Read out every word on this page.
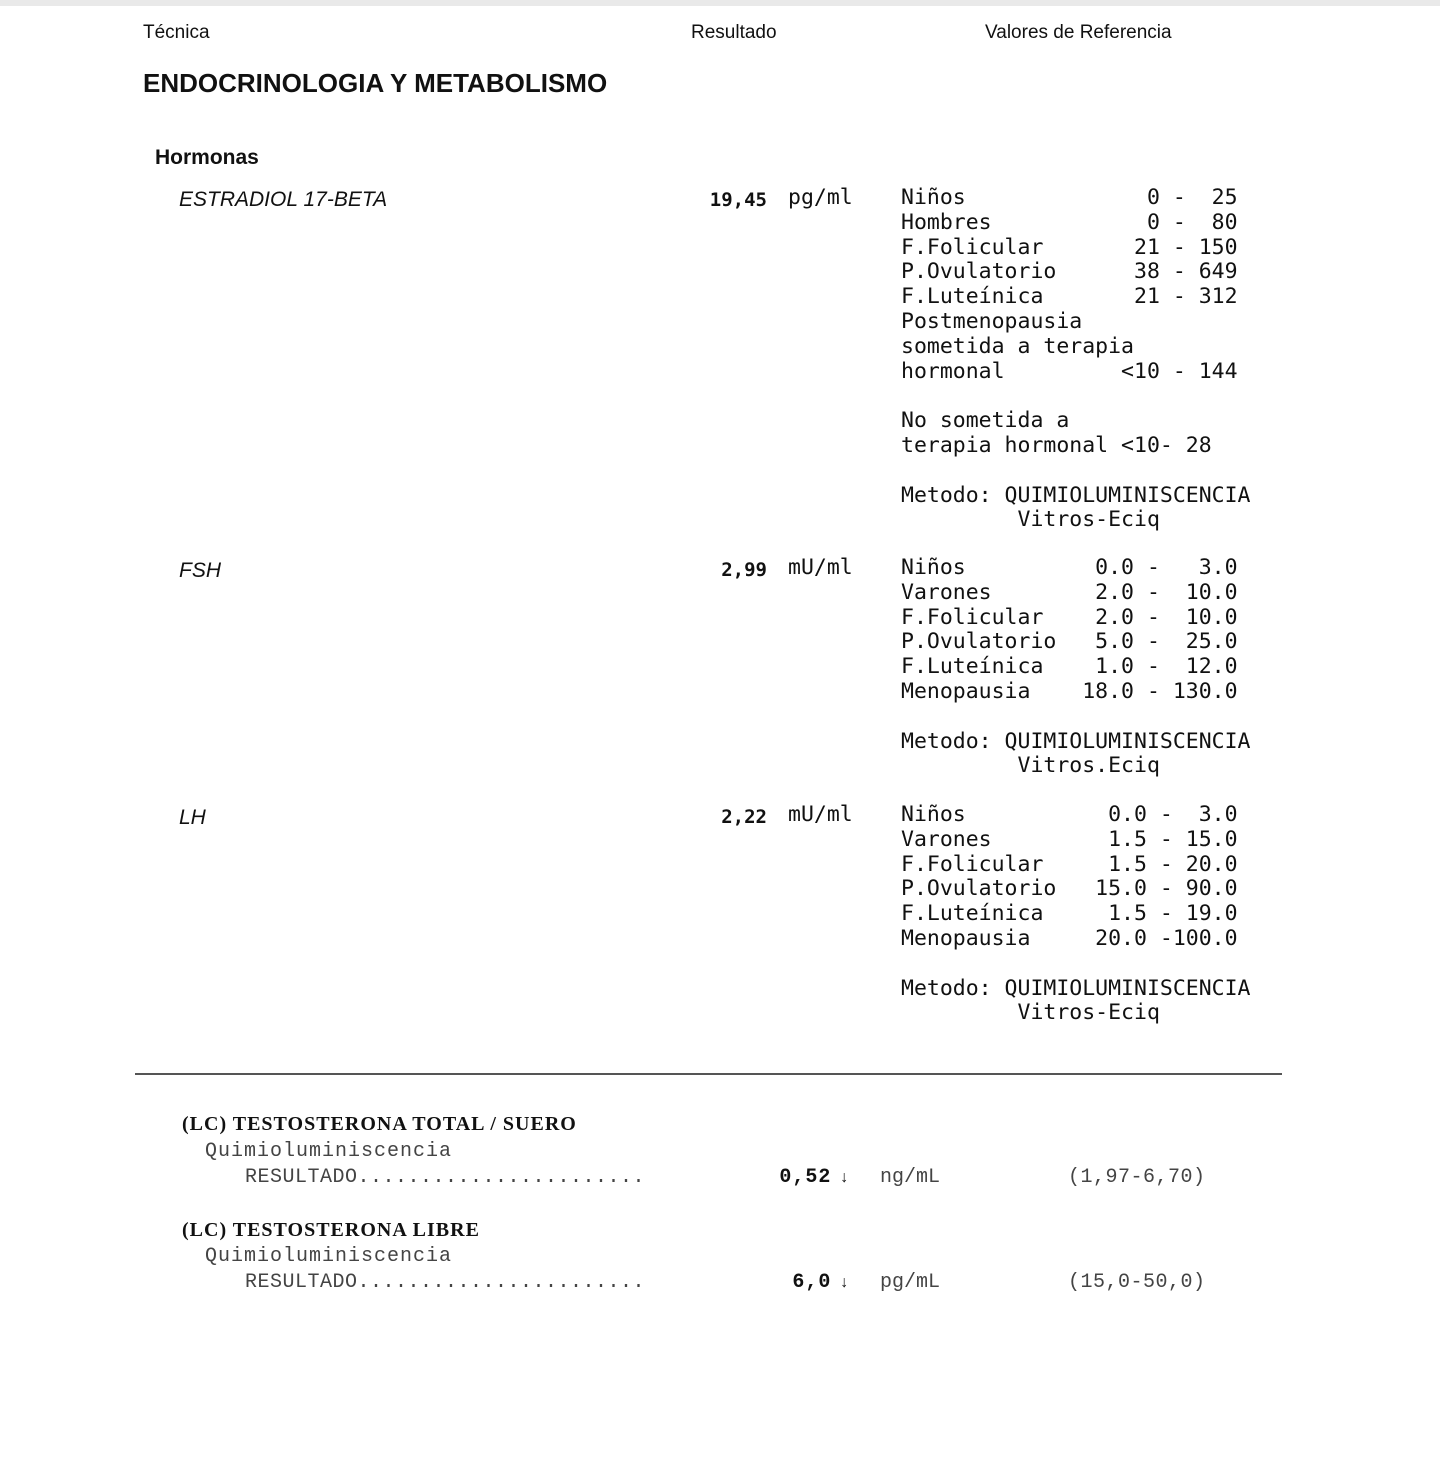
Técnica	Resultado	Valores de Referencia
ENDOCRINOLOGIA Y METABOLISMO
Hormonas
ESTRADIOL 17-BETA	19,45 pg/ml Niños              0 -  25
Hombres            0 -  80
F.Folicular       21 - 150
P.Ovulatorio      38 - 649
F.Luteínica       21 - 312
Postmenopausia
sometida a terapia
hormonal         <10 - 144

No sometida a
terapia hormonal <10- 28

Metodo: QUIMIOLUMINISCENCIA
Vitros-Eciq
FSH	2,99 mU/ml Niños          0.0 -   3.0
Varones        2.0 -  10.0
F.Folicular    2.0 -  10.0
P.Ovulatorio   5.0 -  25.0
F.Luteínica    1.0 -  12.0
Menopausia    18.0 - 130.0

Metodo: QUIMIOLUMINISCENCIA
Vitros.Eciq
LH	2,22 mU/ml Niños           0.0 -  3.0
Varones         1.5 - 15.0
F.Folicular     1.5 - 20.0
P.Ovulatorio   15.0 - 90.0
F.Luteínica     1.5 - 19.0
Menopausia     20.0 -100.0

Metodo: QUIMIOLUMINISCENCIA
Vitros-Eciq
(LC) TESTOSTERONA TOTAL / SUERO
Quimioluminiscencia
RESULTADO.......................	0,52 ↓ ng/mL	(1,97-6,70)
(LC) TESTOSTERONA LIBRE
Quimioluminiscencia
RESULTADO.......................	6,0 ↓ pg/mL	(15,0-50,0)
